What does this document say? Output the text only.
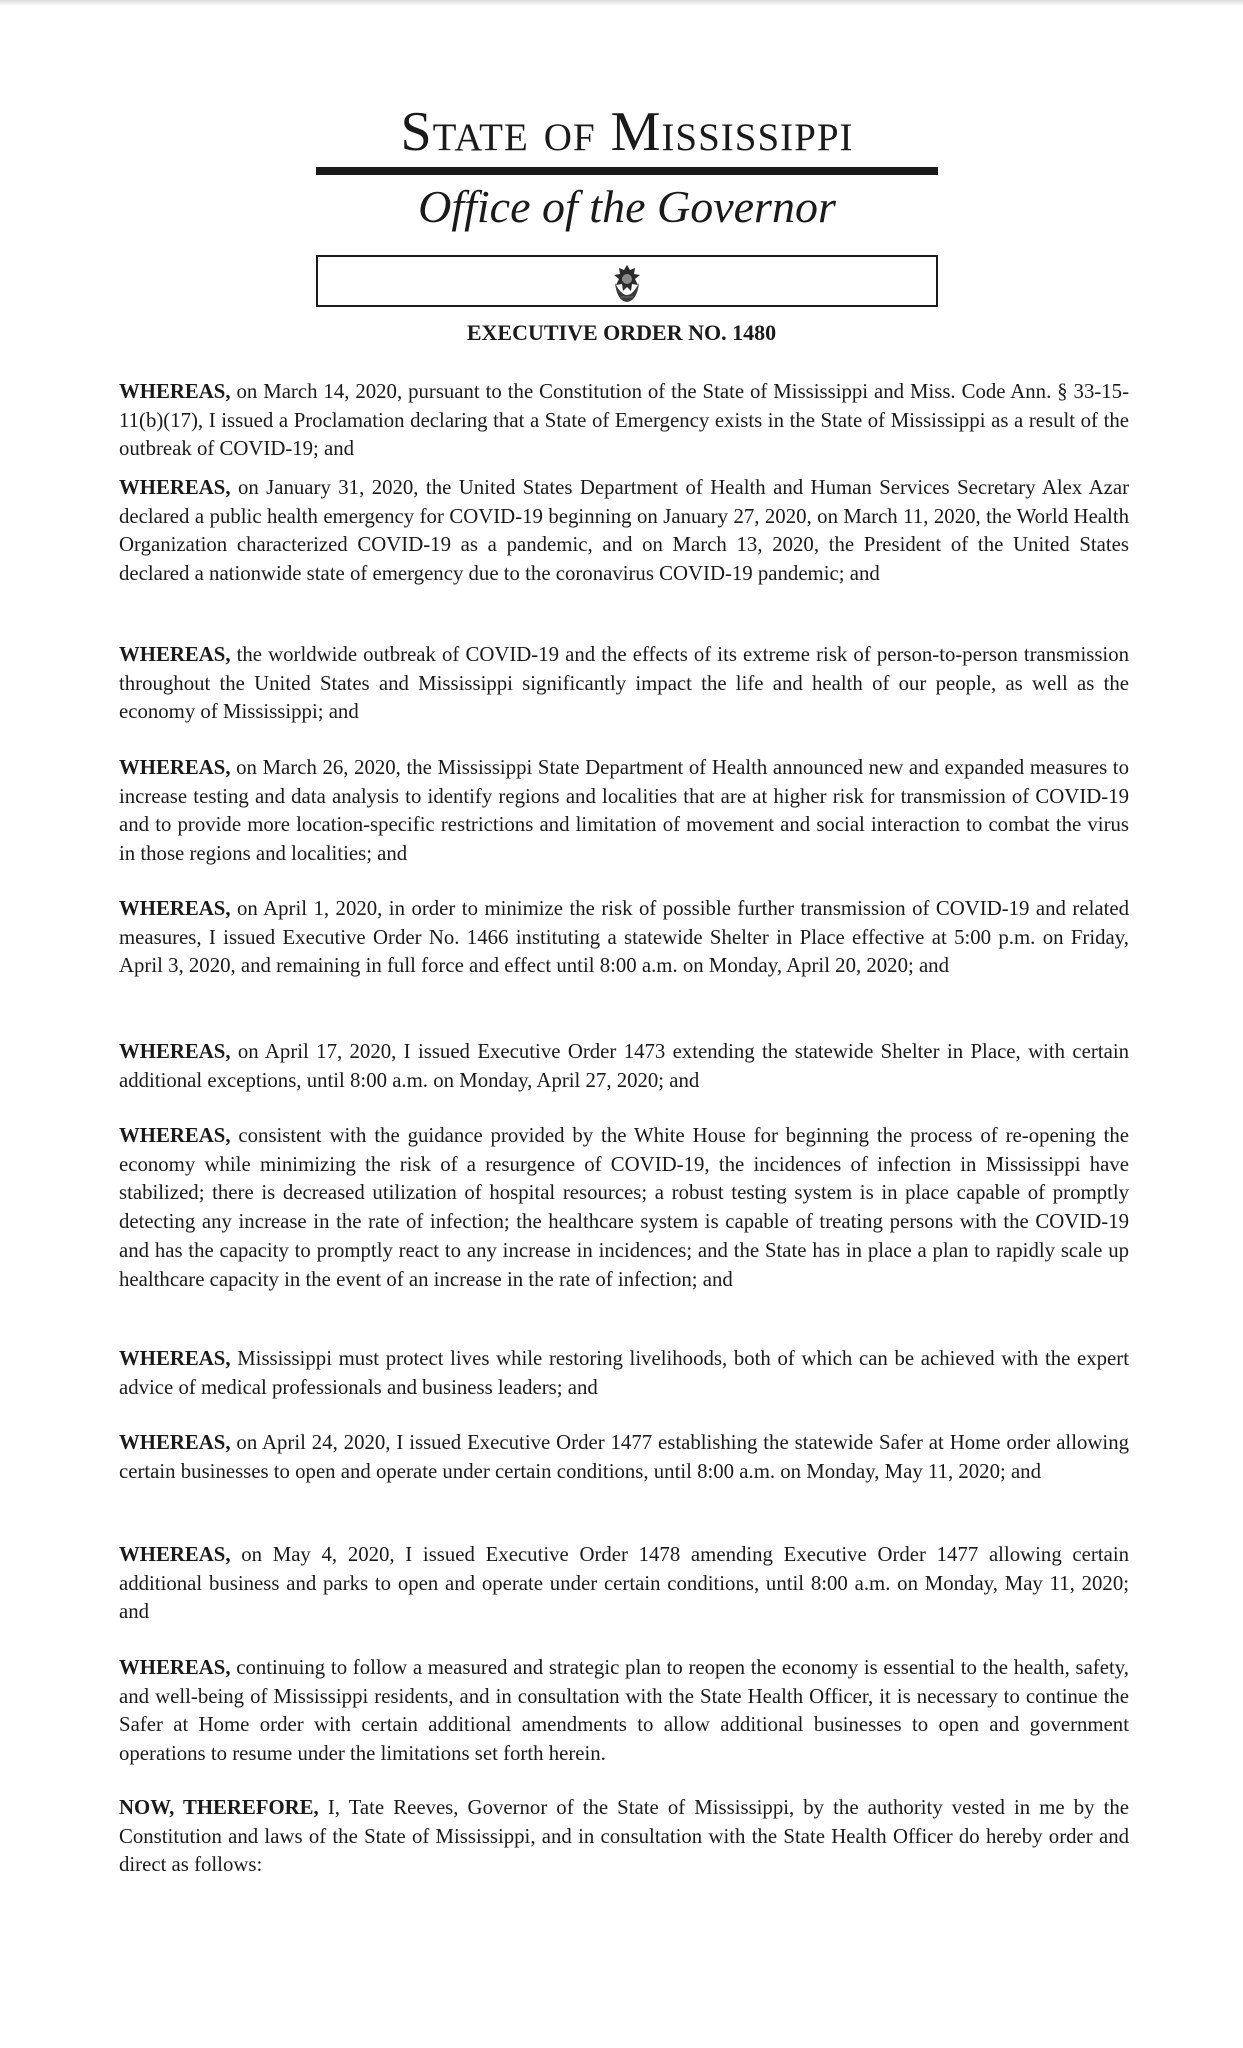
State of Mississippi
Office of the Governor
EXECUTIVE ORDER NO. 1480

WHEREAS, on March 14, 2020, pursuant to the Constitution of the State of Mississippi and Miss. Code Ann. § 33-15-11(b)(17), I issued a Proclamation declaring that a State of Emergency exists in the State of Mississippi as a result of the outbreak of COVID-19; and

WHEREAS, on January 31, 2020, the United States Department of Health and Human Services Secretary Alex Azar declared a public health emergency for COVID-19 beginning on January 27, 2020, on March 11, 2020, the World Health Organization characterized COVID-19 as a pandemic, and on March 13, 2020, the President of the United States declared a nationwide state of emergency due to the coronavirus COVID-19 pandemic; and

WHEREAS, the worldwide outbreak of COVID-19 and the effects of its extreme risk of person-to-person transmission throughout the United States and Mississippi significantly impact the life and health of our people, as well as the economy of Mississippi; and

WHEREAS, on March 26, 2020, the Mississippi State Department of Health announced new and expanded measures to increase testing and data analysis to identify regions and localities that are at higher risk for transmission of COVID-19 and to provide more location-specific restrictions and limitation of movement and social interaction to combat the virus in those regions and localities; and

WHEREAS, on April 1, 2020, in order to minimize the risk of possible further transmission of COVID-19 and related measures, I issued Executive Order No. 1466 instituting a statewide Shelter in Place effective at 5:00 p.m. on Friday, April 3, 2020, and remaining in full force and effect until 8:00 a.m. on Monday, April 20, 2020; and

WHEREAS, on April 17, 2020, I issued Executive Order 1473 extending the statewide Shelter in Place, with certain additional exceptions, until 8:00 a.m. on Monday, April 27, 2020; and

WHEREAS, consistent with the guidance provided by the White House for beginning the process of re-opening the economy while minimizing the risk of a resurgence of COVID-19, the incidences of infection in Mississippi have stabilized; there is decreased utilization of hospital resources; a robust testing system is in place capable of promptly detecting any increase in the rate of infection; the healthcare system is capable of treating persons with the COVID-19 and has the capacity to promptly react to any increase in incidences; and the State has in place a plan to rapidly scale up healthcare capacity in the event of an increase in the rate of infection; and

WHEREAS, Mississippi must protect lives while restoring livelihoods, both of which can be achieved with the expert advice of medical professionals and business leaders; and

WHEREAS, on April 24, 2020, I issued Executive Order 1477 establishing the statewide Safer at Home order allowing certain businesses to open and operate under certain conditions, until 8:00 a.m. on Monday, May 11, 2020; and

WHEREAS, on May 4, 2020, I issued Executive Order 1478 amending Executive Order 1477 allowing certain additional business and parks to open and operate under certain conditions, until 8:00 a.m. on Monday, May 11, 2020; and

WHEREAS, continuing to follow a measured and strategic plan to reopen the economy is essential to the health, safety, and well-being of Mississippi residents, and in consultation with the State Health Officer, it is necessary to continue the Safer at Home order with certain additional amendments to allow additional businesses to open and government operations to resume under the limitations set forth herein.

NOW, THEREFORE, I, Tate Reeves, Governor of the State of Mississippi, by the authority vested in me by the Constitution and laws of the State of Mississippi, and in consultation with the State Health Officer do hereby order and direct as follows:
